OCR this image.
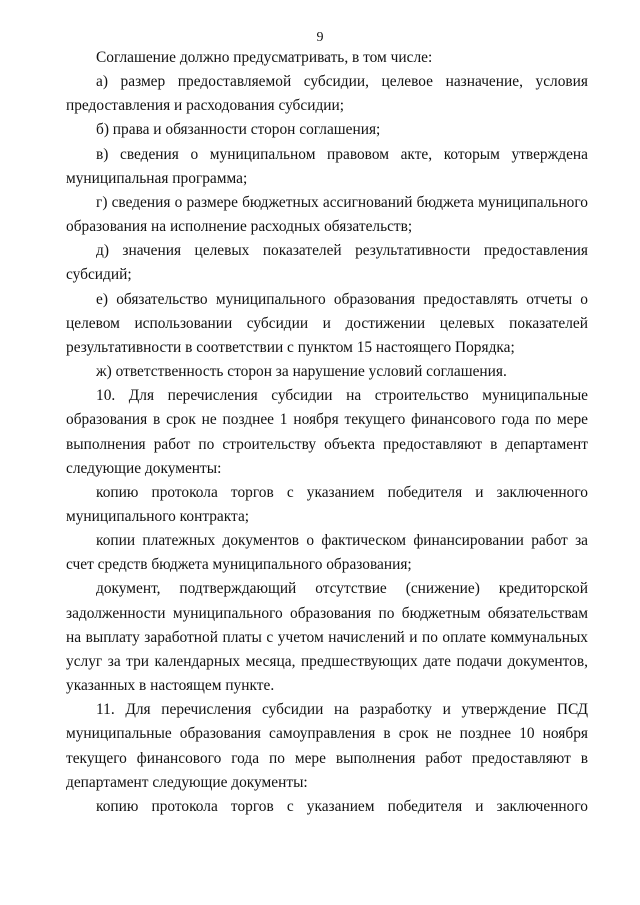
9

Соглашение должно предусматривать, в том числе:

а) размер предоставляемой субсидии, целевое назначение, условия предоставления и расходования субсидии;

б) права и обязанности сторон соглашения;

в) сведения о муниципальном правовом акте, которым утверждена муниципальная программа;

г) сведения о размере бюджетных ассигнований бюджета муниципального образования на исполнение расходных обязательств;

д) значения целевых показателей результативности предоставления субсидий;

е) обязательство муниципального образования предоставлять отчеты о целевом использовании субсидии и достижении целевых показателей результативности в соответствии с пунктом 15 настоящего Порядка;

ж) ответственность сторон за нарушение условий соглашения.

10. Для перечисления субсидии на строительство муниципальные образования в срок не позднее 1 ноября текущего финансового года по мере выполнения работ по строительству объекта предоставляют в департамент следующие документы:

копию протокола торгов с указанием победителя и заключенного муниципального контракта;

копии платежных документов о фактическом финансировании работ за счет средств бюджета муниципального образования;

документ, подтверждающий отсутствие (снижение) кредиторской задолженности муниципального образования по бюджетным обязательствам на выплату заработной платы с учетом начислений и по оплате коммунальных услуг за три календарных месяца, предшествующих дате подачи документов, указанных в настоящем пункте.

11. Для перечисления субсидии на разработку и утверждение ПСД муниципальные образования самоуправления в срок не позднее 10 ноября текущего финансового года по мере выполнения работ предоставляют в департамент следующие документы:

копию протокола торгов с указанием победителя и заключенного
